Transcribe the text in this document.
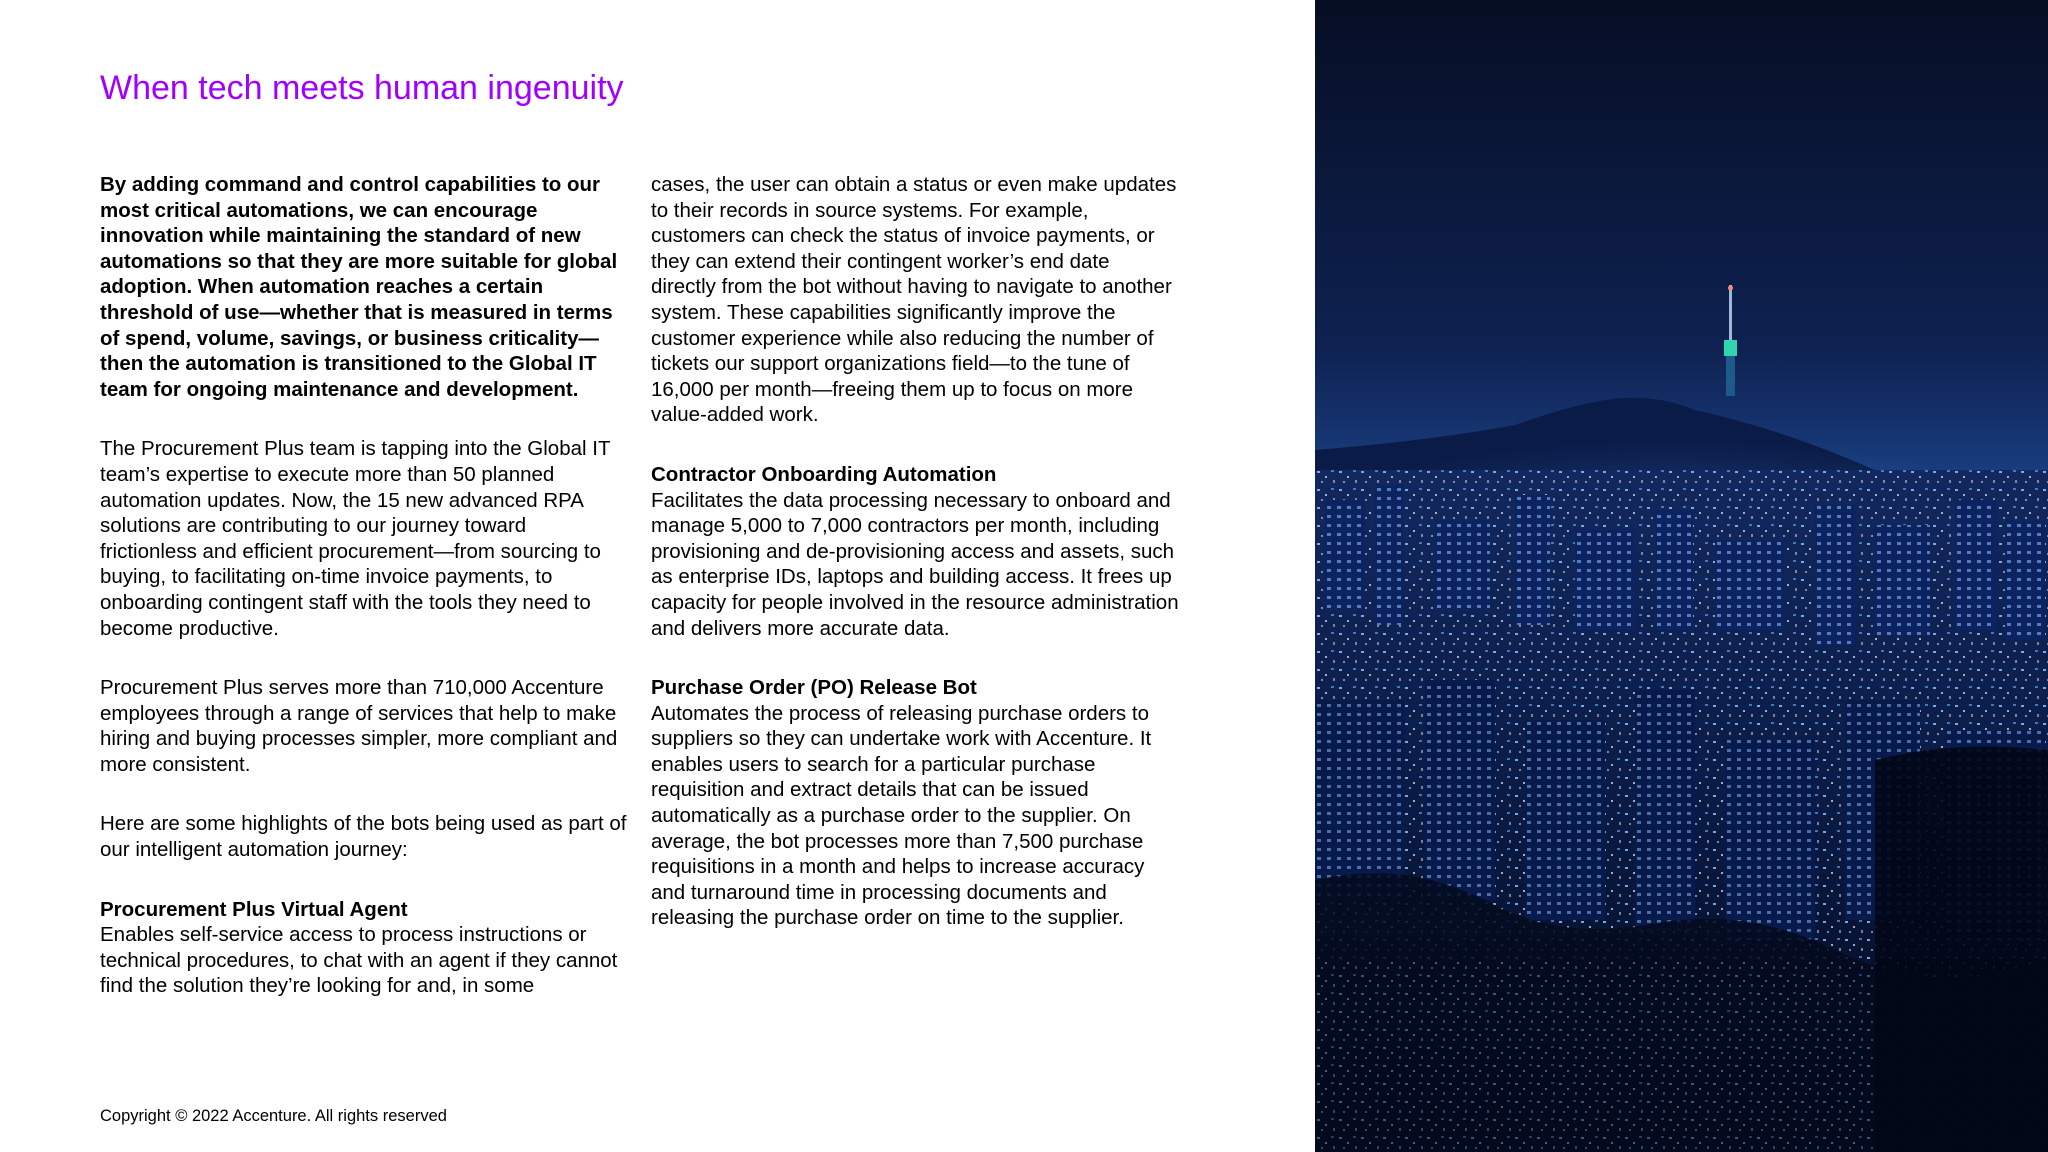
When tech meets human ingenuity

By adding command and control capabilities to our most critical automations, we can encourage innovation while maintaining the standard of new automations so that they are more suitable for global adoption. When automation reaches a certain threshold of use—whether that is measured in terms of spend, volume, savings, or business criticality—then the automation is transitioned to the Global IT team for ongoing maintenance and development.

The Procurement Plus team is tapping into the Global IT team’s expertise to execute more than 50 planned automation updates. Now, the 15 new advanced RPA solutions are contributing to our journey toward frictionless and efficient procurement—from sourcing to buying, to facilitating on-time invoice payments, to onboarding contingent staff with the tools they need to become productive.

Procurement Plus serves more than 710,000 Accenture employees through a range of services that help to make hiring and buying processes simpler, more compliant and more consistent.

Here are some highlights of the bots being used as part of our intelligent automation journey:

Procurement Plus Virtual Agent
Enables self-service access to process instructions or technical procedures, to chat with an agent if they cannot find the solution they’re looking for and, in some

cases, the user can obtain a status or even make updates to their records in source systems. For example, customers can check the status of invoice payments, or they can extend their contingent worker’s end date directly from the bot without having to navigate to another system. These capabilities significantly improve the customer experience while also reducing the number of tickets our support organizations field—to the tune of 16,000 per month—freeing them up to focus on more value-added work.

Contractor Onboarding Automation
Facilitates the data processing necessary to onboard and manage 5,000 to 7,000 contractors per month, including provisioning and de-provisioning access and assets, such as enterprise IDs, laptops and building access. It frees up capacity for people involved in the resource administration and delivers more accurate data.

Purchase Order (PO) Release Bot
Automates the process of releasing purchase orders to suppliers so they can undertake work with Accenture. It enables users to search for a particular purchase requisition and extract details that can be issued automatically as a purchase order to the supplier. On average, the bot processes more than 7,500 purchase requisitions in a month and helps to increase accuracy and turnaround time in processing documents and releasing the purchase order on time to the supplier.

Copyright © 2022 Accenture. All rights reserved
